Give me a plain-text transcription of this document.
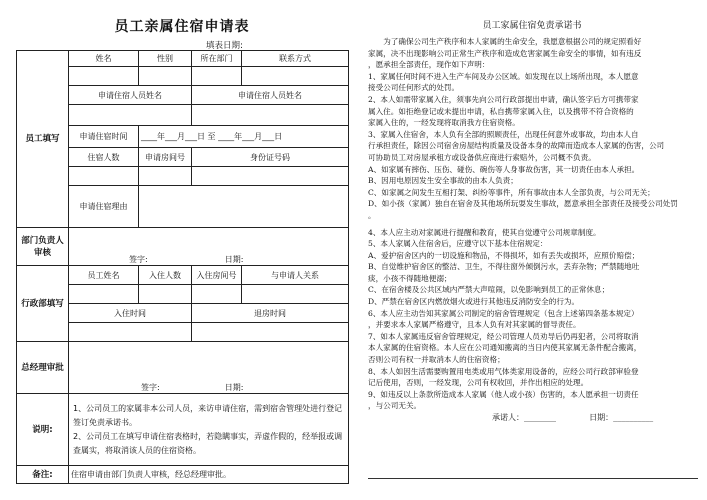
员工亲属住宿申请表
填表日期:
员工填写	姓名	性别	所在部门	联系方式

	申请住宿人员姓名		申请住宿人员姓名	

	申请住宿时间	____年___月___日 至 ____年___月___日		
	住宿人数	申请房间号	身份证号码	

	申请住宿理由			
部门负责人审核	签字: 日期:			
行政部填写	员工姓名	入住人数	入住房间号	与申请人关系

	入住时间		退房时间	

总经理审批	签字: 日期:			
说明:	1、公司员工的家属非本公司人员，来访申请住宿，需到宿舍管理处进行登记签订免责承诺书。
2、公司员工在填写申请住宿表格时，若隐瞒事实，弄虚作假的，经举报或调查属实，将取消该人员的住宿资格。			

备注:	住宿申请由部门负责人审核，经总经理审批。			
员工家属住宿免责承诺书

为了确保公司生产秩序和本人家属的生命安全，我愿意根据公司的规定照看好

家属，决不出现影响公司正常生产秩序和造成危害家属生命安全的事情，如有违反

，愿承担全部责任，现作如下声明：

1、家属任何时间不进入生产车间及办公区域。如发现在以上场所出现，本人愿意

接受公司任何形式的处罚。

2、本人如需带家属入住，须事先向公司行政部提出申请，确认签字后方可携带家

属入住。如拒绝登记或未提出申请，私自携带家属入住，以及携带不符合资格的

家属入住的，一经发现将取消我方住宿资格。

3、家属入住宿舍，本人负有全部的照顾责任，出现任何意外或事故，均由本人自

行承担责任，除因公司宿舍房屋结构质量及设备本身的故障而造成本人家属的伤害，公司

可协助员工对房屋承租方或设备供应商进行索赔外，公司概不负责。

A、如家属有摔伤、压伤、碰伤、碗伤等人身事故伤害，其一切责任由本人承担。

B、因用电原因发生安全事故的由本人负责；

C、如家属之间发生互相打架、纠纷等事件，所有事故由本人全部负责，与公司无关；

D、如小孩（家属）独自在宿舍及其他场所玩耍发生事故，愿意承担全部责任及接受公司处罚

。

4、本人应主动对家属进行提醒和教育，使其自觉遵守公司规章制度。

5、本人家属入住宿舍后，应遵守以下基本住宿规定：

A、爱护宿舍区内的一切设施和物品，不得损坏，如有丢失或损坏，应照价赔偿；

B、自觉维护宿舍区的整洁、卫生，不得往窗外倾倒污水，丢弃杂物；严禁随地吐

痰，小孩不得随地便溺；

C、在宿舍楼及公共区域内严禁大声喧闹，以免影响到员工的正常休息；

D、严禁在宿舍区内燃放烟火或进行其他违反消防安全的行为。

6、本人应主动告知其家属公司制定的宿舍管理规定（包含上述第四条基本规定）

，并要求本人家属严格遵守，且本人负有对其家属的督导责任。

7、如本人家属违反宿舍管理规定，经公司管理人员劝导后仍再犯者，公司将取消

本人家属的住宿资格。本人应在公司通知搬离的当日内使其家属无条件配合搬离，

否则公司有权一并取消本人的住宿资格；

8、本人如因生活需要购置用电类或用气体类家用设备的，应经公司行政部审验登

记后使用，否则，一经发现，公司有权收回，并作出相应的处理。

9、如违反以上条款所造成本人家属（他人或小孩）伤害的，本人愿承担一切责任

，与公司无关。

承诺人：________	日期：__________
